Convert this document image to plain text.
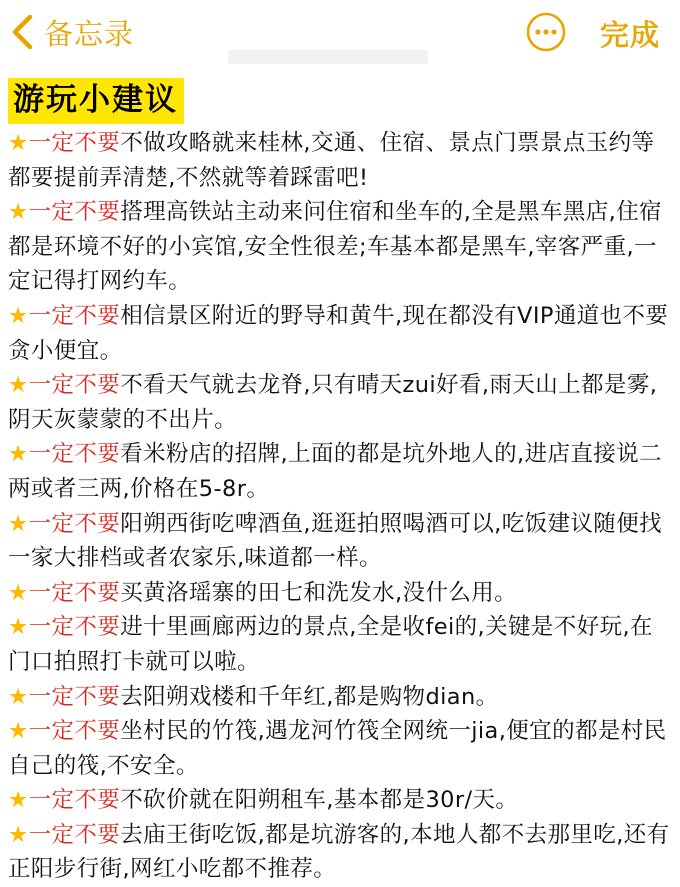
备忘录	完成
游玩小建议

★一定不要不做攻略就来桂林,交通、住宿、景点门票景点玉约等都要提前弄清楚,不然就等着踩雷吧!

★一定不要搭理高铁站主动来问住宿和坐车的,全是黑车黑店,住宿都是环境不好的小宾馆,安全性很差;车基本都是黑车,宰客严重,一定记得打网约车。

★一定不要相信景区附近的野导和黄牛,现在都没有VIP通道也不要贪小便宜。

★一定不要不看天气就去龙脊,只有晴天zui好看,雨天山上都是雾,阴天灰蒙蒙的不出片。

★一定不要看米粉店的招牌,上面的都是坑外地人的,进店直接说二两或者三两,价格在5-8r。

★一定不要阳朔西街吃啤酒鱼,逛逛拍照喝酒可以,吃饭建议随便找一家大排档或者农家乐,味道都一样。

★一定不要买黄洛瑶寨的田七和洗发水,没什么用。

★一定不要进十里画廊两边的景点,全是收fei的,关键是不好玩,在门口拍照打卡就可以啦。

★一定不要去阳朔戏楼和千年红,都是购物dian。

★一定不要坐村民的竹筏,遇龙河竹筏全网统一jia,便宜的都是村民自己的筏,不安全。

★一定不要不砍价就在阳朔租车,基本都是30r/天。

★一定不要去庙王街吃饭,都是坑游客的,本地人都不去那里吃,还有正阳步行街,网红小吃都不推荐。
